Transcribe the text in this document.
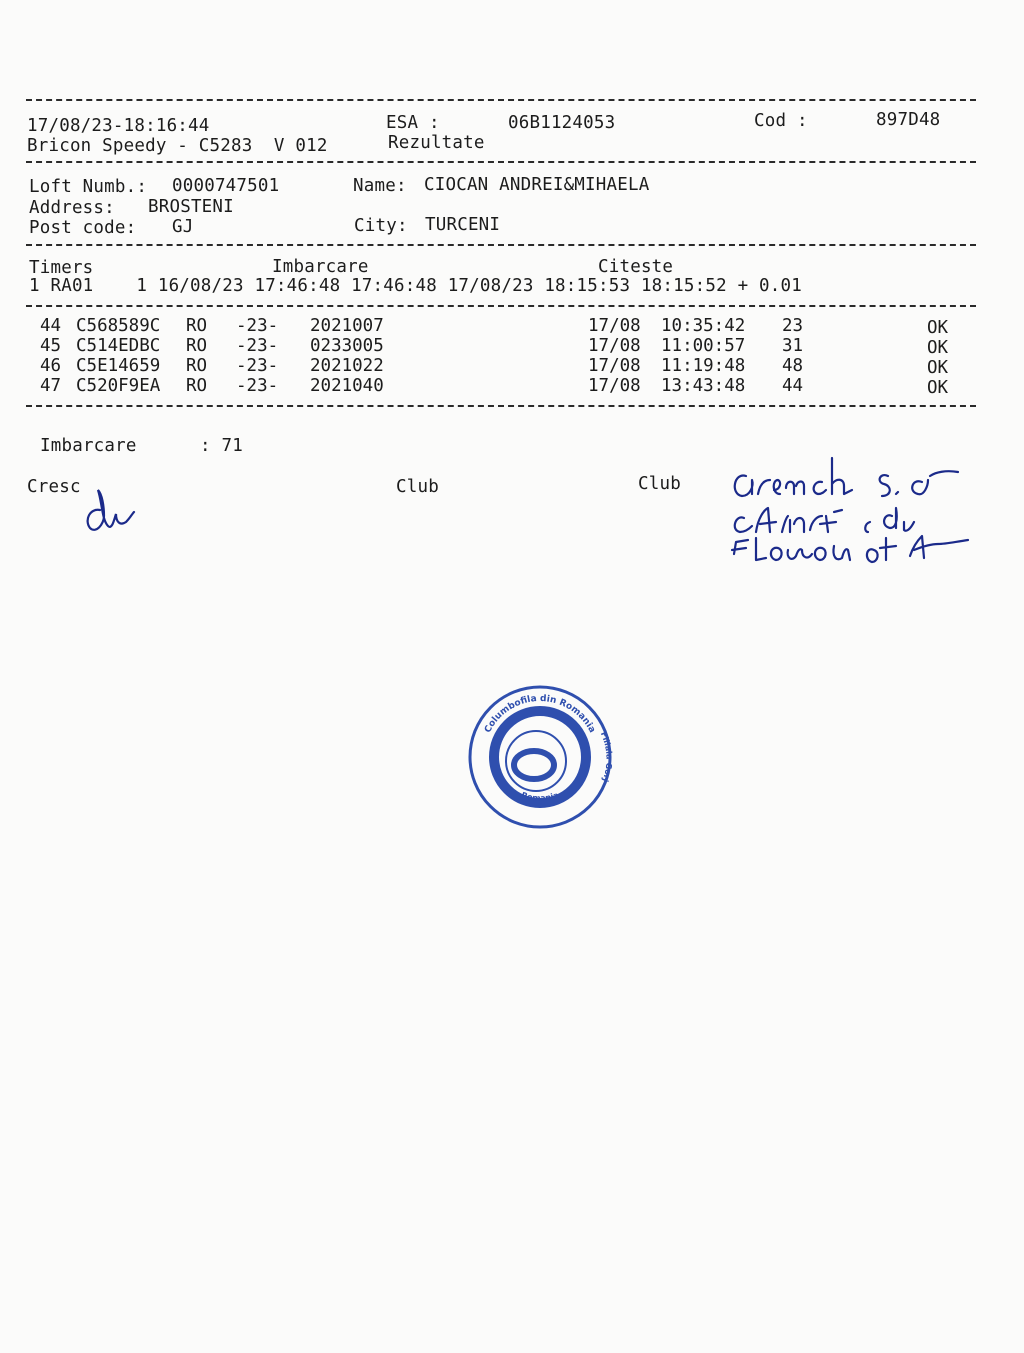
17/08/23-18:16:44	ESA :	06B1124053	Cod :	897D48
Bricon Speedy - C5283  V 012	Rezultate
Loft Numb.: 0000747501	Name: CIOCAN ANDREI&MIHAELA
Address: BROSTENI
Post code: GJ	City: TURCENI
Timers	Imbarcare	Citeste
1 RA01    1 16/08/23 17:46:48 17:46:48 17/08/23 18:15:53 18:15:52 + 0.01
44 C568589C RO -23- 2021007	17/08 10:35:42 23	OK
45 C514EDBC RO -23- 0233005	17/08 11:00:57 31	OK
46 C5E14659 RO -23- 2021022	17/08 11:19:48 48	OK
47 C520F9EA RO -23- 2021040	17/08 13:43:48 44	OK
Imbarcare	: 71
Cresc	Club	Club
Columbofila din Romania
Filiala Gorj
Romania
